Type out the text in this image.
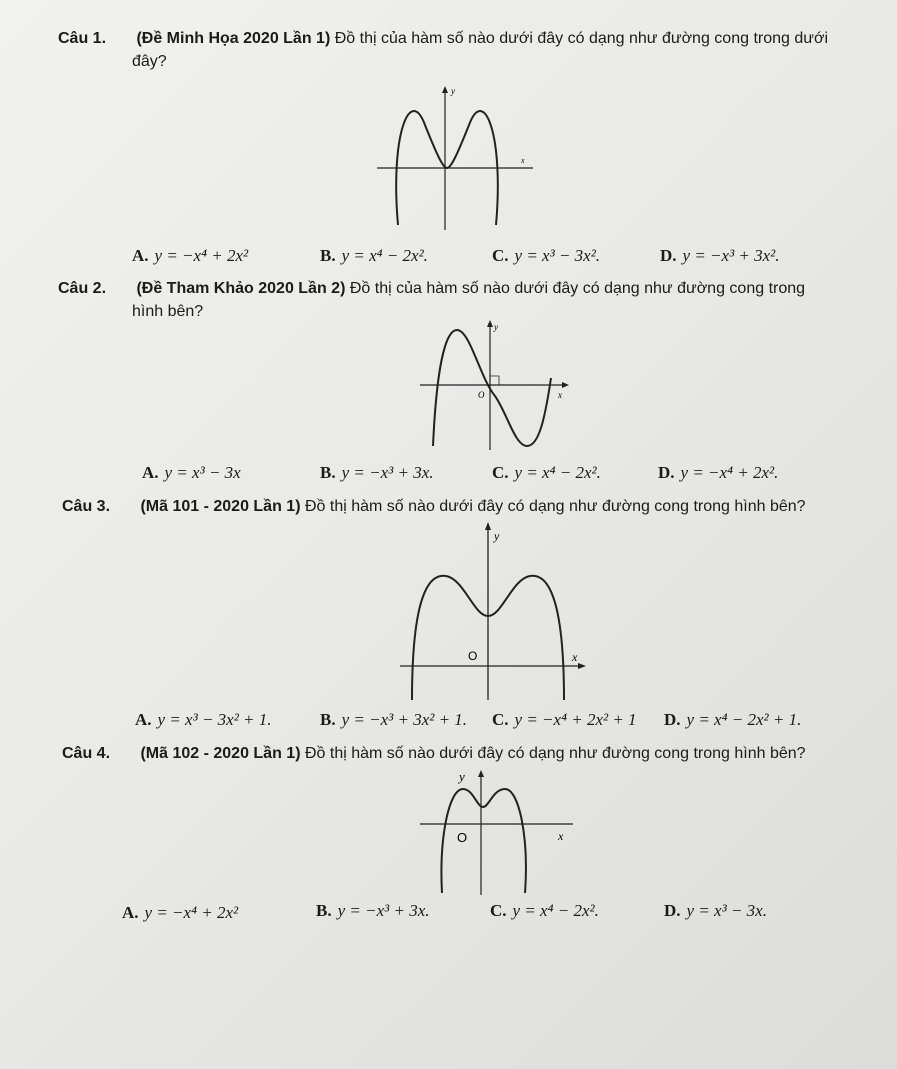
Câu 1. (Đề Minh Họa 2020 Lần 1) Đồ thị của hàm số nào dưới đây có dạng như đường cong trong dưới
đây?
y
x
A. y = −x⁴ + 2x²	B. y = x⁴ − 2x².	C. y = x³ − 3x².	D. y = −x³ + 3x².
Câu 2. (Đề Tham Khảo 2020 Lần 2) Đồ thị của hàm số nào dưới đây có dạng như đường cong trong
hình bên?
y
x
O
A. y = x³ − 3x	B. y = −x³ + 3x.	C. y = x⁴ − 2x².	D. y = −x⁴ + 2x².
Câu 3. (Mã 101 - 2020 Lần 1) Đồ thị hàm số nào dưới đây có dạng như đường cong trong hình bên?
y
x
O
A. y = x³ − 3x² + 1.	B. y = −x³ + 3x² + 1. C. y = −x⁴ + 2x² + 1 D. y = x⁴ − 2x² + 1.
Câu 4. (Mã 102 - 2020 Lần 1) Đồ thị hàm số nào dưới đây có dạng như đường cong trong hình bên?
y
x
O
A. y = −x⁴ + 2x²	B. y = −x³ + 3x.	C. y = x⁴ − 2x².	D. y = x³ − 3x.
